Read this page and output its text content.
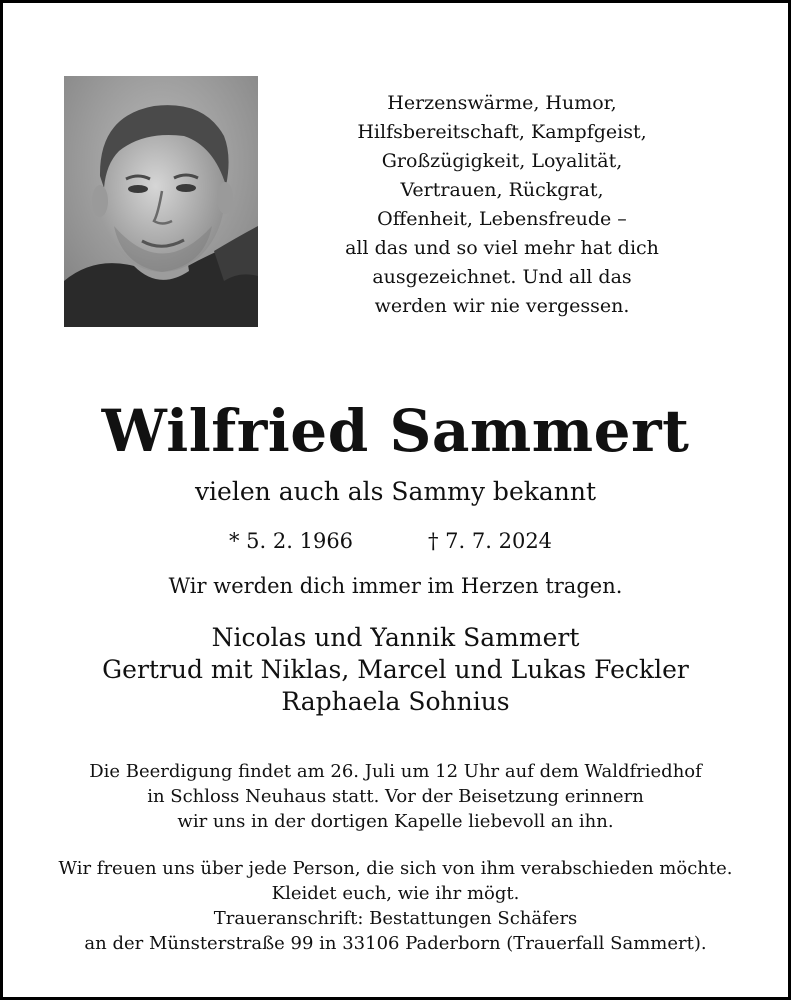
Herzenswärme, Humor,
Hilfsbereitschaft, Kampfgeist,
Großzügigkeit, Loyalität,
Vertrauen, Rückgrat,
Offenheit, Lebensfreude –
all das und so viel mehr hat dich
ausgezeichnet. Und all das
werden wir nie vergessen.
Wilfried Sammert
vielen auch als Sammy bekannt
* 5. 2. 1966	† 7. 7. 2024
Wir werden dich immer im Herzen tragen.
Nicolas und Yannik Sammert
Gertrud mit Niklas, Marcel und Lukas Feckler
Raphaela Sohnius
Die Beerdigung findet am 26. Juli um 12 Uhr auf dem Waldfriedhof
in Schloss Neuhaus statt. Vor der Beisetzung erinnern
wir uns in der dortigen Kapelle liebevoll an ihn.
Wir freuen uns über jede Person, die sich von ihm verabschieden möchte.
Kleidet euch, wie ihr mögt.
Traueranschrift: Bestattungen Schäfers
an der Münsterstraße 99 in 33106 Paderborn (Trauerfall Sammert).
